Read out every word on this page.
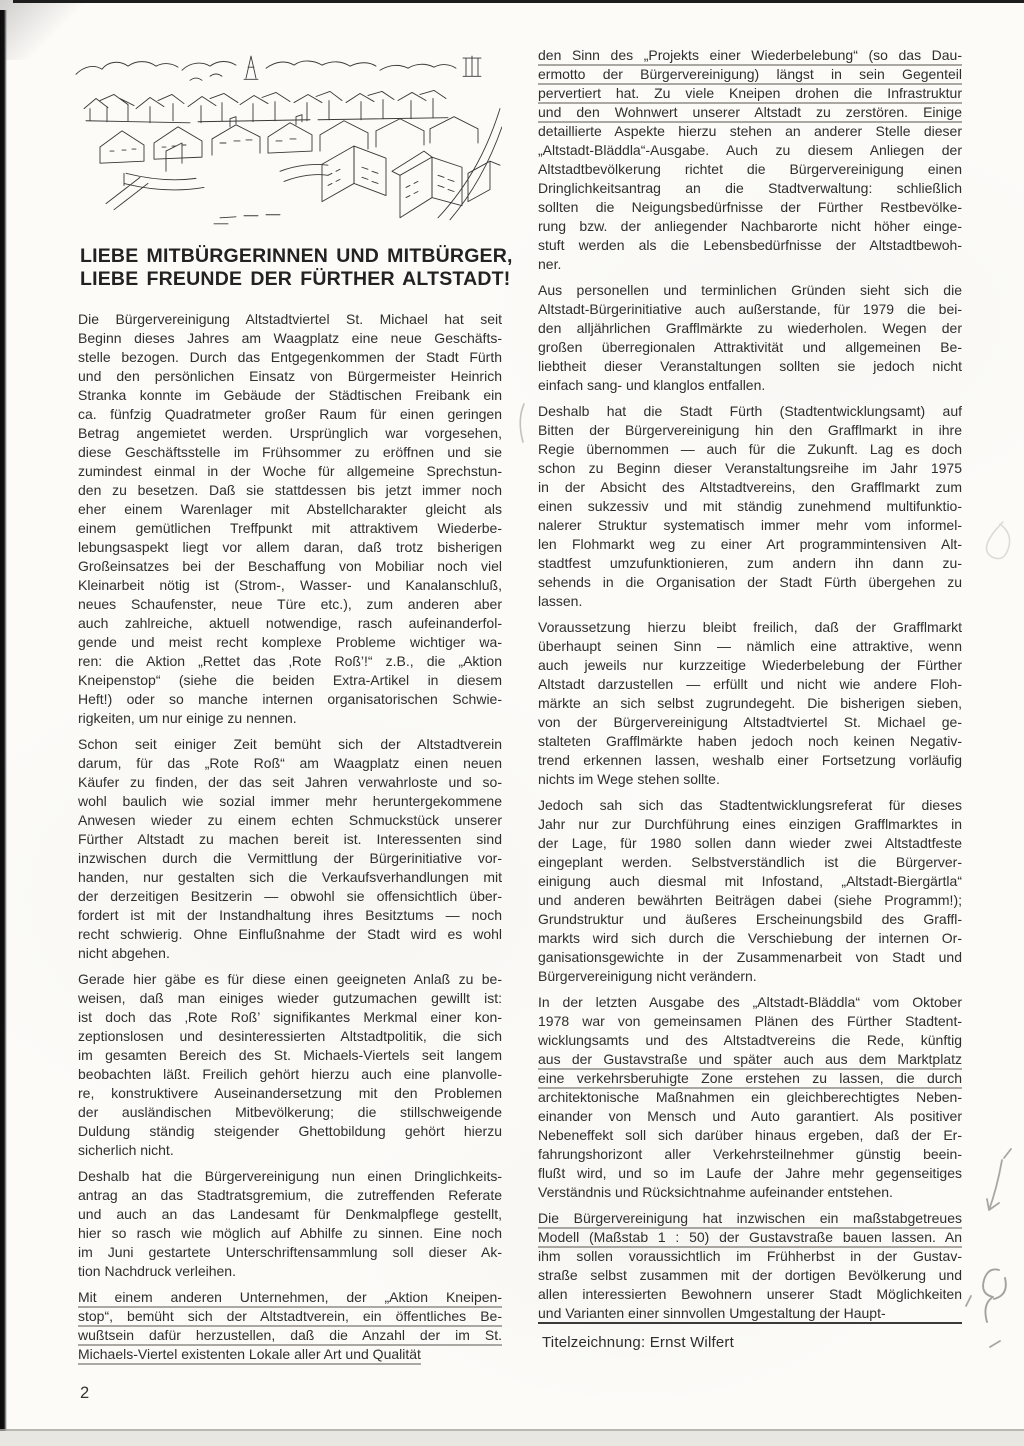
LIEBE MITBÜRGERINNEN UND MITBÜRGER,
LIEBE FREUNDE DER FÜRTHER ALTSTADT!
Die Bürgervereinigung Altstadtviertel St. Michael hat seit
Beginn dieses Jahres am Waagplatz eine neue Geschäfts-
stelle bezogen. Durch das Entgegenkommen der Stadt Fürth
und den persönlichen Einsatz von Bürgermeister Heinrich
Stranka konnte im Gebäude der Städtischen Freibank ein
ca. fünfzig Quadratmeter großer Raum für einen geringen
Betrag angemietet werden. Ursprünglich war vorgesehen,
diese Geschäftsstelle im Frühsommer zu eröffnen und sie
zumindest einmal in der Woche für allgemeine Sprechstun-
den zu besetzen. Daß sie stattdessen bis jetzt immer noch
eher einem Warenlager mit Abstellcharakter gleicht als
einem gemütlichen Treffpunkt mit attraktivem Wiederbe-
lebungsaspekt liegt vor allem daran, daß trotz bisherigen
Großeinsatzes bei der Beschaffung von Mobiliar noch viel
Kleinarbeit nötig ist (Strom-, Wasser- und Kanalanschluß,
neues Schaufenster, neue Türe etc.), zum anderen aber
auch zahlreiche, aktuell notwendige, rasch aufeinanderfol-
gende und meist recht komplexe Probleme wichtiger wa-
ren: die Aktion „Rettet das ‚Rote Roß’!“ z.B., die „Aktion
Kneipenstop“ (siehe die beiden Extra-Artikel in diesem
Heft!) oder so manche internen organisatorischen Schwie-
rigkeiten, um nur einige zu nennen.
Schon seit einiger Zeit bemüht sich der Altstadtverein
darum, für das „Rote Roß“ am Waagplatz einen neuen
Käufer zu finden, der das seit Jahren verwahrloste und so-
wohl baulich wie sozial immer mehr heruntergekommene
Anwesen wieder zu einem echten Schmuckstück unserer
Fürther Altstadt zu machen bereit ist. Interessenten sind
inzwischen durch die Vermittlung der Bürgerinitiative vor-
handen, nur gestalten sich die Verkaufsverhandlungen mit
der derzeitigen Besitzerin — obwohl sie offensichtlich über-
fordert ist mit der Instandhaltung ihres Besitztums — noch
recht schwierig. Ohne Einflußnahme der Stadt wird es wohl
nicht abgehen.
Gerade hier gäbe es für diese einen geeigneten Anlaß zu be-
weisen, daß man einiges wieder gutzumachen gewillt ist:
ist doch das ‚Rote Roß’ signifikantes Merkmal einer kon-
zeptionslosen und desinteressierten Altstadtpolitik, die sich
im gesamten Bereich des St. Michaels-Viertels seit langem
beobachten läßt. Freilich gehört hierzu auch eine planvolle-
re, konstruktivere Auseinandersetzung mit den Problemen
der ausländischen Mitbevölkerung; die stillschweigende
Duldung ständig steigender Ghettobildung gehört hierzu
sicherlich nicht.
Deshalb hat die Bürgervereinigung nun einen Dringlichkeits-
antrag an das Stadtratsgremium, die zutreffenden Referate
und auch an das Landesamt für Denkmalpflege gestellt,
hier so rasch wie möglich auf Abhilfe zu sinnen. Eine noch
im Juni gestartete Unterschriftensammlung soll dieser Ak-
tion Nachdruck verleihen.
Mit einem anderen Unternehmen, der „Aktion Kneipen-
stop“, bemüht sich der Altstadtverein, ein öffentliches Be-
wußtsein dafür herzustellen, daß die Anzahl der im St.
Michaels-Viertel existenten Lokale aller Art und Qualität
den Sinn des „Projekts einer Wiederbelebung“ (so das Dau-
ermotto der Bürgervereinigung) längst in sein Gegenteil
pervertiert hat. Zu viele Kneipen drohen die Infrastruktur
und den Wohnwert unserer Altstadt zu zerstören. Einige
detaillierte Aspekte hierzu stehen an anderer Stelle dieser
„Altstadt-Bläddla“-Ausgabe. Auch zu diesem Anliegen der
Altstadtbevölkerung richtet die Bürgervereinigung einen
Dringlichkeitsantrag an die Stadtverwaltung: schließlich
sollten die Neigungsbedürfnisse der Fürther Restbevölke-
rung bzw. der anliegender Nachbarorte nicht höher einge-
stuft werden als die Lebensbedürfnisse der Altstadtbewoh-
ner.
Aus personellen und terminlichen Gründen sieht sich die
Altstadt-Bürgerinitiative auch außerstande, für 1979 die bei-
den alljährlichen Grafflmärkte zu wiederholen. Wegen der
großen überregionalen Attraktivität und allgemeinen Be-
liebtheit dieser Veranstaltungen sollten sie jedoch nicht
einfach sang- und klanglos entfallen.
Deshalb hat die Stadt Fürth (Stadtentwicklungsamt) auf
Bitten der Bürgervereinigung hin den Grafflmarkt in ihre
Regie übernommen — auch für die Zukunft. Lag es doch
schon zu Beginn dieser Veranstaltungsreihe im Jahr 1975
in der Absicht des Altstadtvereins, den Grafflmarkt zum
einen sukzessiv und mit ständig zunehmend multifunktio-
nalerer Struktur systematisch immer mehr vom informel-
len Flohmarkt weg zu einer Art programmintensiven Alt-
stadtfest umzufunktionieren, zum andern ihn dann zu-
sehends in die Organisation der Stadt Fürth übergehen zu
lassen.
Voraussetzung hierzu bleibt freilich, daß der Grafflmarkt
überhaupt seinen Sinn — nämlich eine attraktive, wenn
auch jeweils nur kurzzeitige Wiederbelebung der Fürther
Altstadt darzustellen — erfüllt und nicht wie andere Floh-
märkte an sich selbst zugrundegeht. Die bisherigen sieben,
von der Bürgervereinigung Altstadtviertel St. Michael ge-
stalteten Grafflmärkte haben jedoch noch keinen Negativ-
trend erkennen lassen, weshalb einer Fortsetzung vorläufig
nichts im Wege stehen sollte.
Jedoch sah sich das Stadtentwicklungsreferat für dieses
Jahr nur zur Durchführung eines einzigen Grafflmarktes in
der Lage, für 1980 sollen dann wieder zwei Altstadtfeste
eingeplant werden. Selbstverständlich ist die Bürgerver-
einigung auch diesmal mit Infostand, „Altstadt-Biergärtla“
und anderen bewährten Beiträgen dabei (siehe Programm!);
Grundstruktur und äußeres Erscheinungsbild des Graffl-
markts wird sich durch die Verschiebung der internen Or-
ganisationsgewichte in der Zusammenarbeit von Stadt und
Bürgervereinigung nicht verändern.
In der letzten Ausgabe des „Altstadt-Bläddla“ vom Oktober
1978 war von gemeinsamen Plänen des Fürther Stadtent-
wicklungsamts und des Altstadtvereins die Rede, künftig
aus der Gustavstraße und später auch aus dem Marktplatz
eine verkehrsberuhigte Zone erstehen zu lassen, die durch
architektonische Maßnahmen ein gleichberechtigtes Neben-
einander von Mensch und Auto garantiert. Als positiver
Nebeneffekt soll sich darüber hinaus ergeben, daß der Er-
fahrungshorizont aller Verkehrsteilnehmer günstig beein-
flußt wird, und so im Laufe der Jahre mehr gegenseitiges
Verständnis und Rücksichtnahme aufeinander entstehen.
Die Bürgervereinigung hat inzwischen ein maßstabgetreues
Modell (Maßstab 1 : 50) der Gustavstraße bauen lassen. An
ihm sollen voraussichtlich im Frühherbst in der Gustav-
straße selbst zusammen mit der dortigen Bevölkerung und
allen interessierten Bewohnern unserer Stadt Möglichkeiten
und Varianten einer sinnvollen Umgestaltung der Haupt-
Titelzeichnung: Ernst Wilfert
2
